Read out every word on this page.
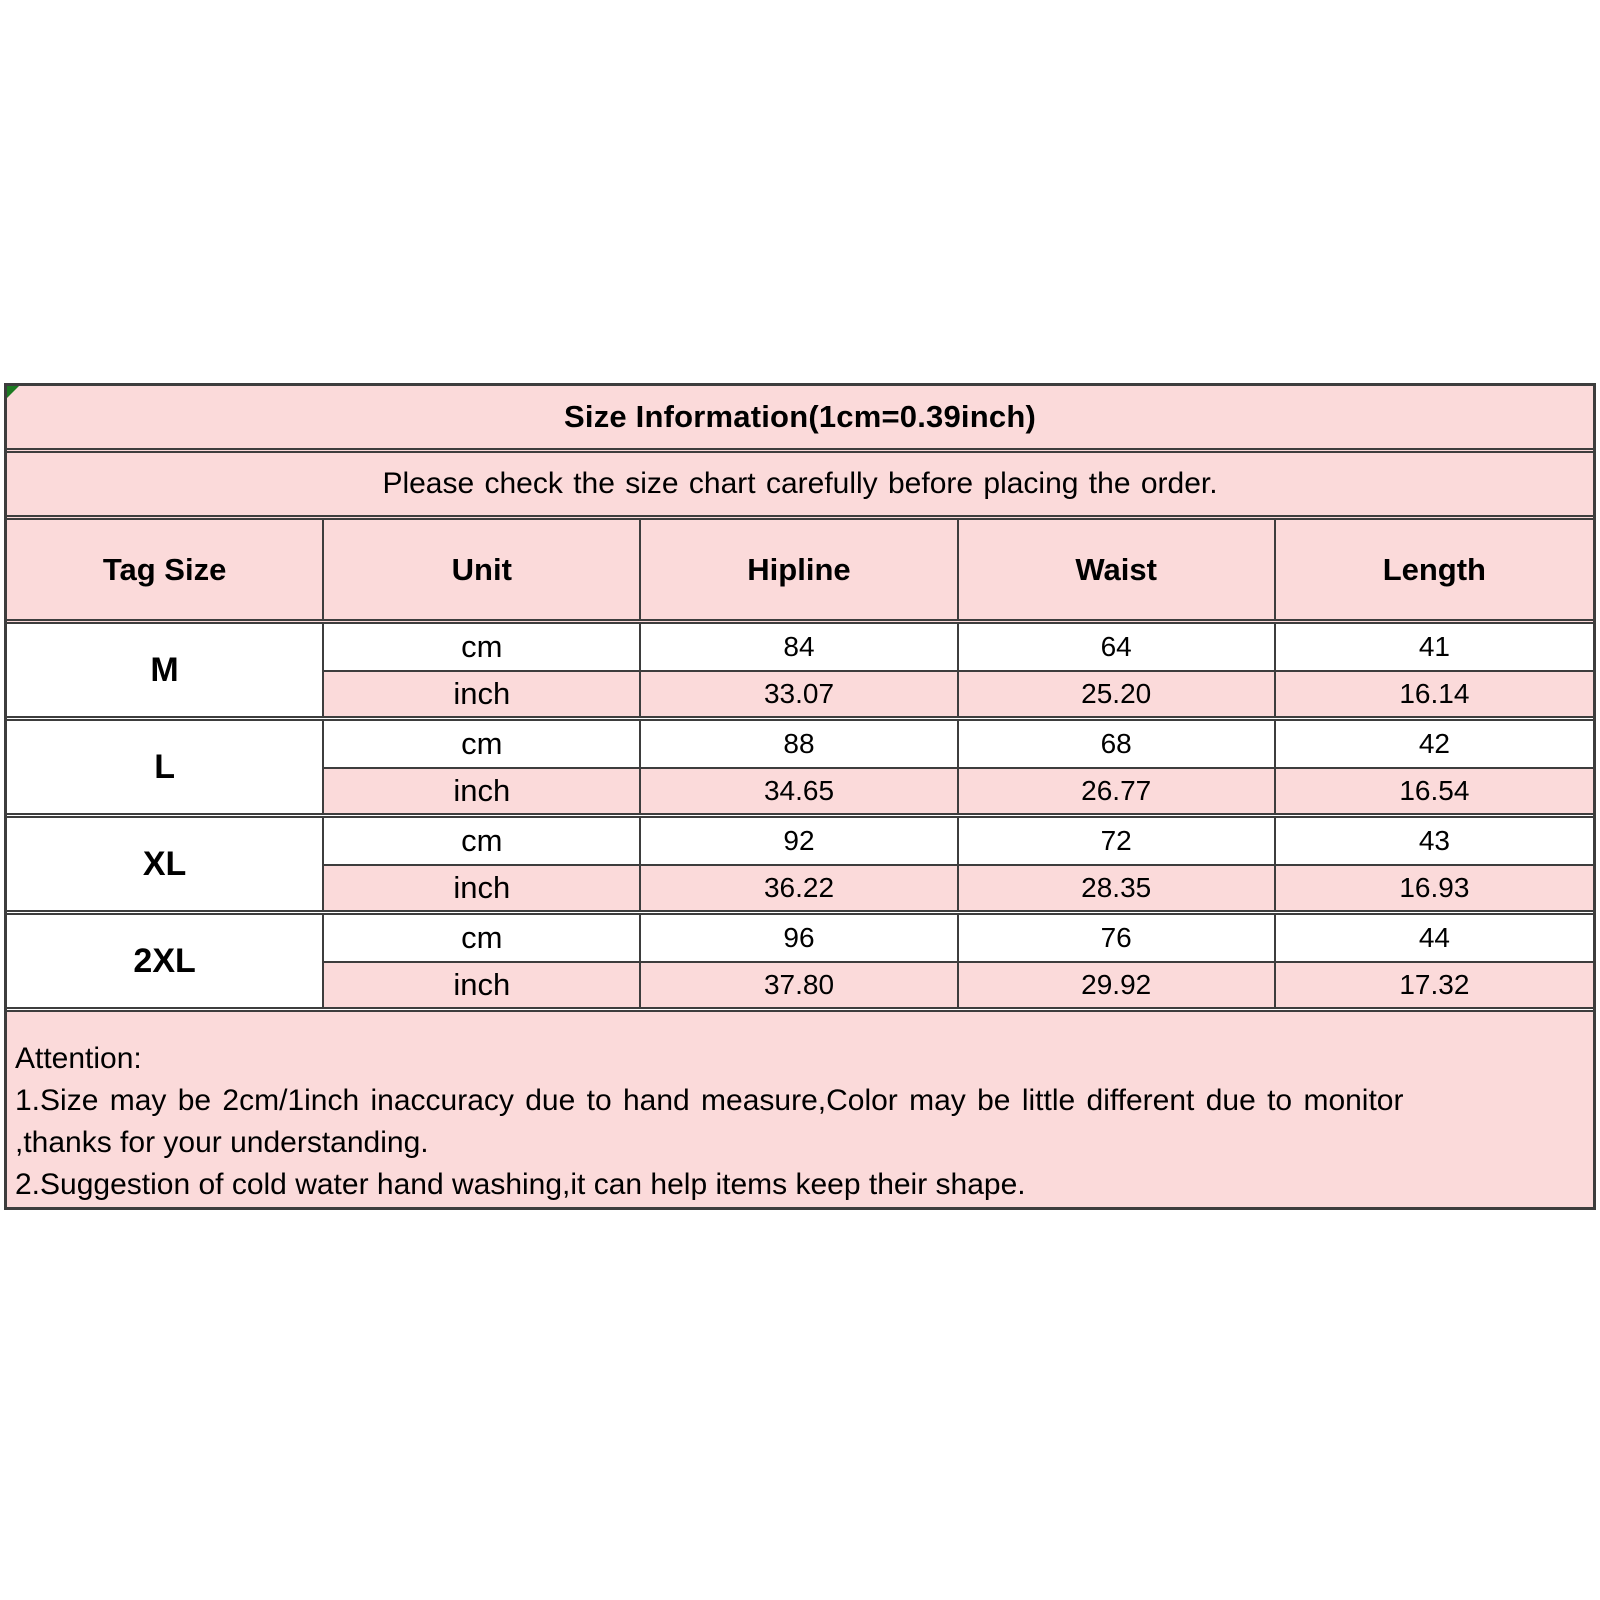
Size Information(1cm=0.39inch)
Please check the size chart carefully before placing the order.
Tag Size	Unit	Hipline	Waist	Length
M
cm	84	64	41
inch	33.07	25.20	16.14
L
cm	88	68	42
inch	34.65	26.77	16.54
XL
cm	92	72	43
inch	36.22	28.35	16.93
2XL
cm	96	76	44
inch	37.80	29.92	17.32
Attention:
1.Size may be 2cm/1inch inaccuracy due to hand measure,Color may be little different due to monitor
,thanks for your understanding.
2.Suggestion of cold water hand washing,it can help items keep their shape.
